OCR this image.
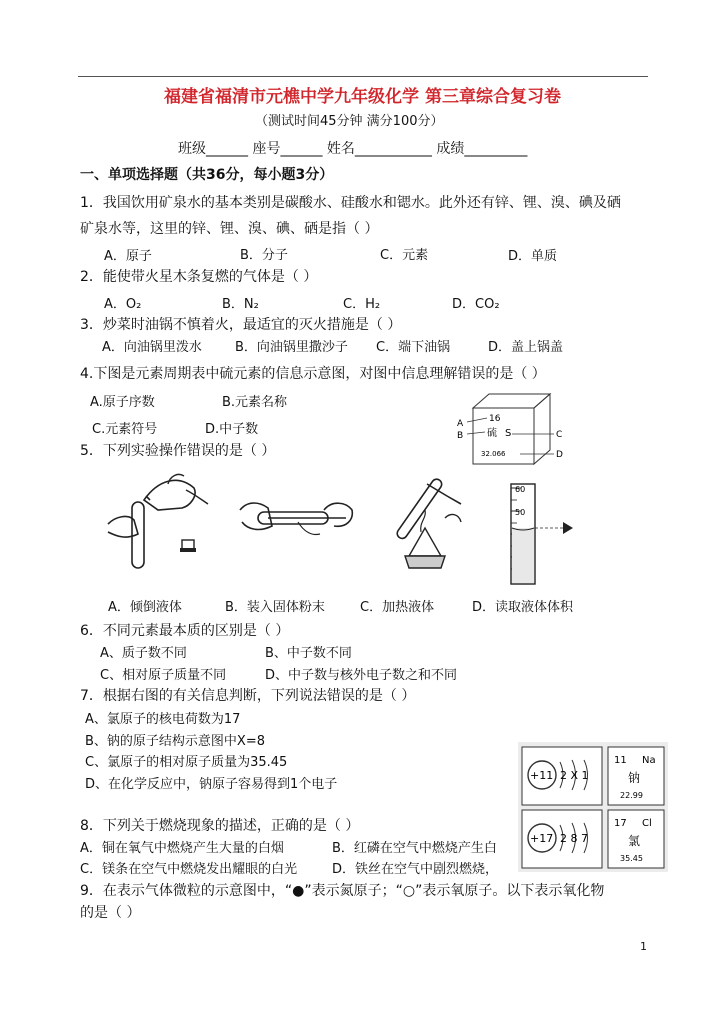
福建省福清市元樵中学九年级化学 第三章综合复习卷
（测试时间45分钟 满分100分）
班级______ 座号______ 姓名___________ 成绩_________
一、单项选择题（共36分，每小题3分）
1．我国饮用矿泉水的基本类别是碳酸水、硅酸水和锶水。此外还有锌、锂、溴、碘及硒
矿泉水等，这里的锌、锂、溴、碘、硒是指（ ）
A．原子	B．分子	C．元素	D．单质
2．能使带火星木条复燃的气体是（ ）
A．O₂	B．N₂	C．H₂	D．CO₂
3．炒菜时油锅不慎着火，最适宜的灭火措施是（ ）
A．向油锅里泼水	B．向油锅里撒沙子 C．端下油锅	D．盖上锅盖
4.下图是元素周期表中硫元素的信息示意图，对图中信息理解错误的是（ ）
A.原子序数	B.元素名称
C.元素符号	D.中子数
16
硫 S
32.066
A
B	C
D
5．下列实验操作错误的是（ ）
60
50
A．倾倒液体	B．装入固体粉末	C．加热液体	D．读取液体体积
6．不同元素最本质的区别是（ ）
A、质子数不同	B、中子数不同
C、相对原子质量不同	D、中子数与核外电子数之和不同
7．根据右图的有关信息判断，下列说法错误的是（ ）
A、氯原子的核电荷数为17
B、钠的原子结构示意图中X=8
C、氯原子的相对原子质量为35.45
D、在化学反应中，钠原子容易得到1个电子
+11 2 X 1
11 Na
钠
22.99
+17 2 8 7
17 Cl
氯
35.45
8．下列关于燃烧现象的描述，正确的是（ ）
A．铜在氧气中燃烧产生大量的白烟	B．红磷在空气中燃烧产生白
C．镁条在空气中燃烧发出耀眼的白光	D．铁丝在空气中剧烈燃烧，
9．在表示气体微粒的示意图中，“●”表示氮原子；“○”表示氧原子。以下表示氧化物
的是（ ）
1
